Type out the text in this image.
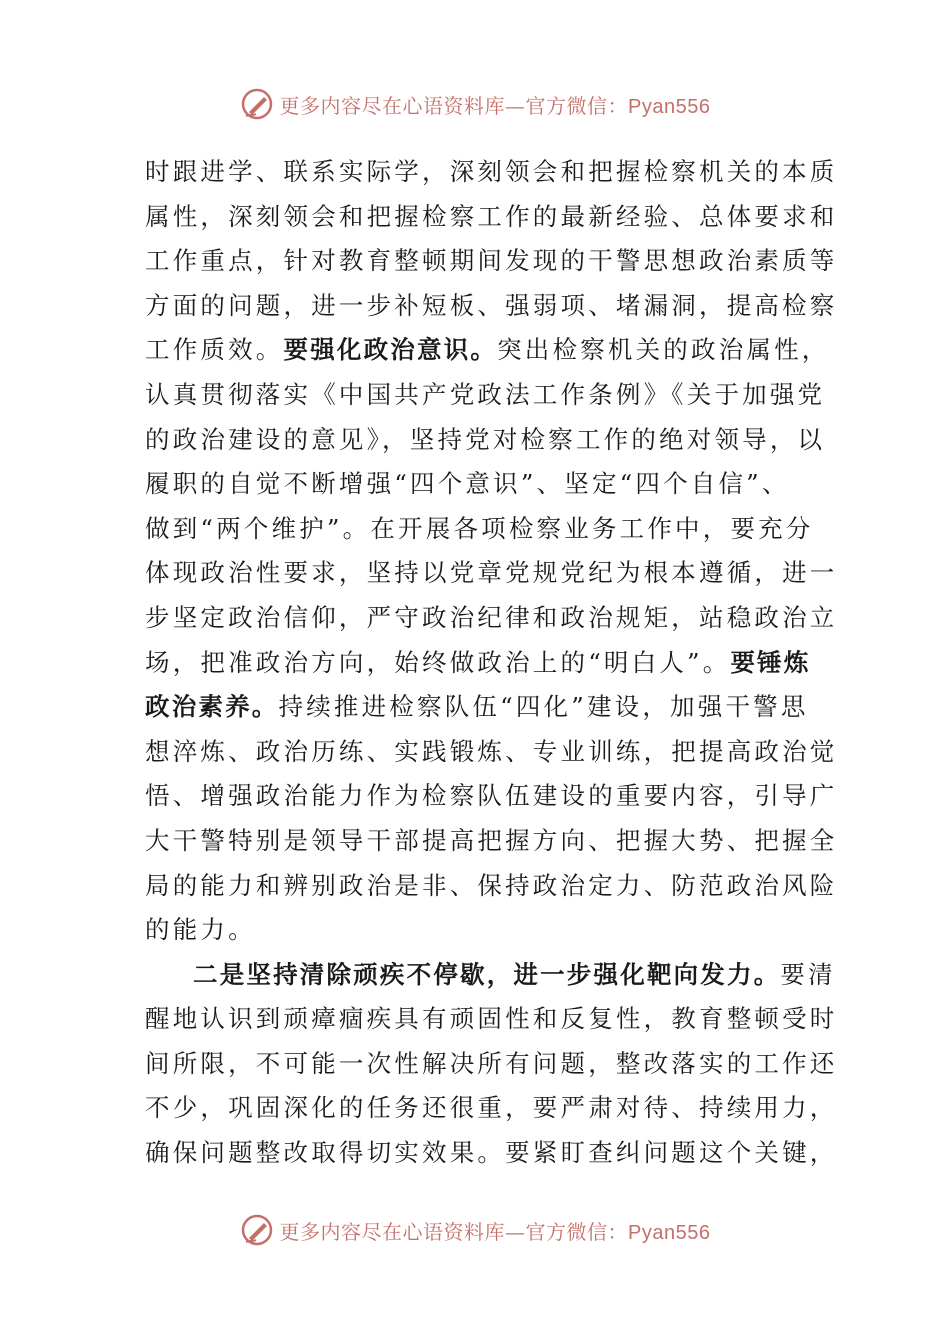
更多内容尽在心语资料库—官方微信：Pyan556
时跟进学、联系实际学，深刻领会和把握检察机关的本质
属性，深刻领会和把握检察工作的最新经验、总体要求和
工作重点，针对教育整顿期间发现的干警思想政治素质等
方面的问题，进一步补短板、强弱项、堵漏洞，提高检察
工作质效。要强化政治意识。突出检察机关的政治属性，
认真贯彻落实《中国共产党政法工作条例》《关于加强党
的政治建设的意见》，坚持党对检察工作的绝对领导，以
履职的自觉不断增强“四个意识”、坚定“四个自信”、
做到“两个维护”。在开展各项检察业务工作中，要充分
体现政治性要求，坚持以党章党规党纪为根本遵循，进一
步坚定政治信仰，严守政治纪律和政治规矩，站稳政治立
场，把准政治方向，始终做政治上的“明白人”。要锤炼
政治素养。持续推进检察队伍“四化”建设，加强干警思
想淬炼、政治历练、实践锻炼、专业训练，把提高政治觉
悟、增强政治能力作为检察队伍建设的重要内容，引导广
大干警特别是领导干部提高把握方向、把握大势、把握全
局的能力和辨别政治是非、保持政治定力、防范政治风险
的能力。
二是坚持清除顽疾不停歇，进一步强化靶向发力。要清
醒地认识到顽瘴痼疾具有顽固性和反复性，教育整顿受时
间所限，不可能一次性解决所有问题，整改落实的工作还
不少，巩固深化的任务还很重，要严肃对待、持续用力，
确保问题整改取得切实效果。要紧盯查纠问题这个关键，
更多内容尽在心语资料库—官方微信：Pyan556
